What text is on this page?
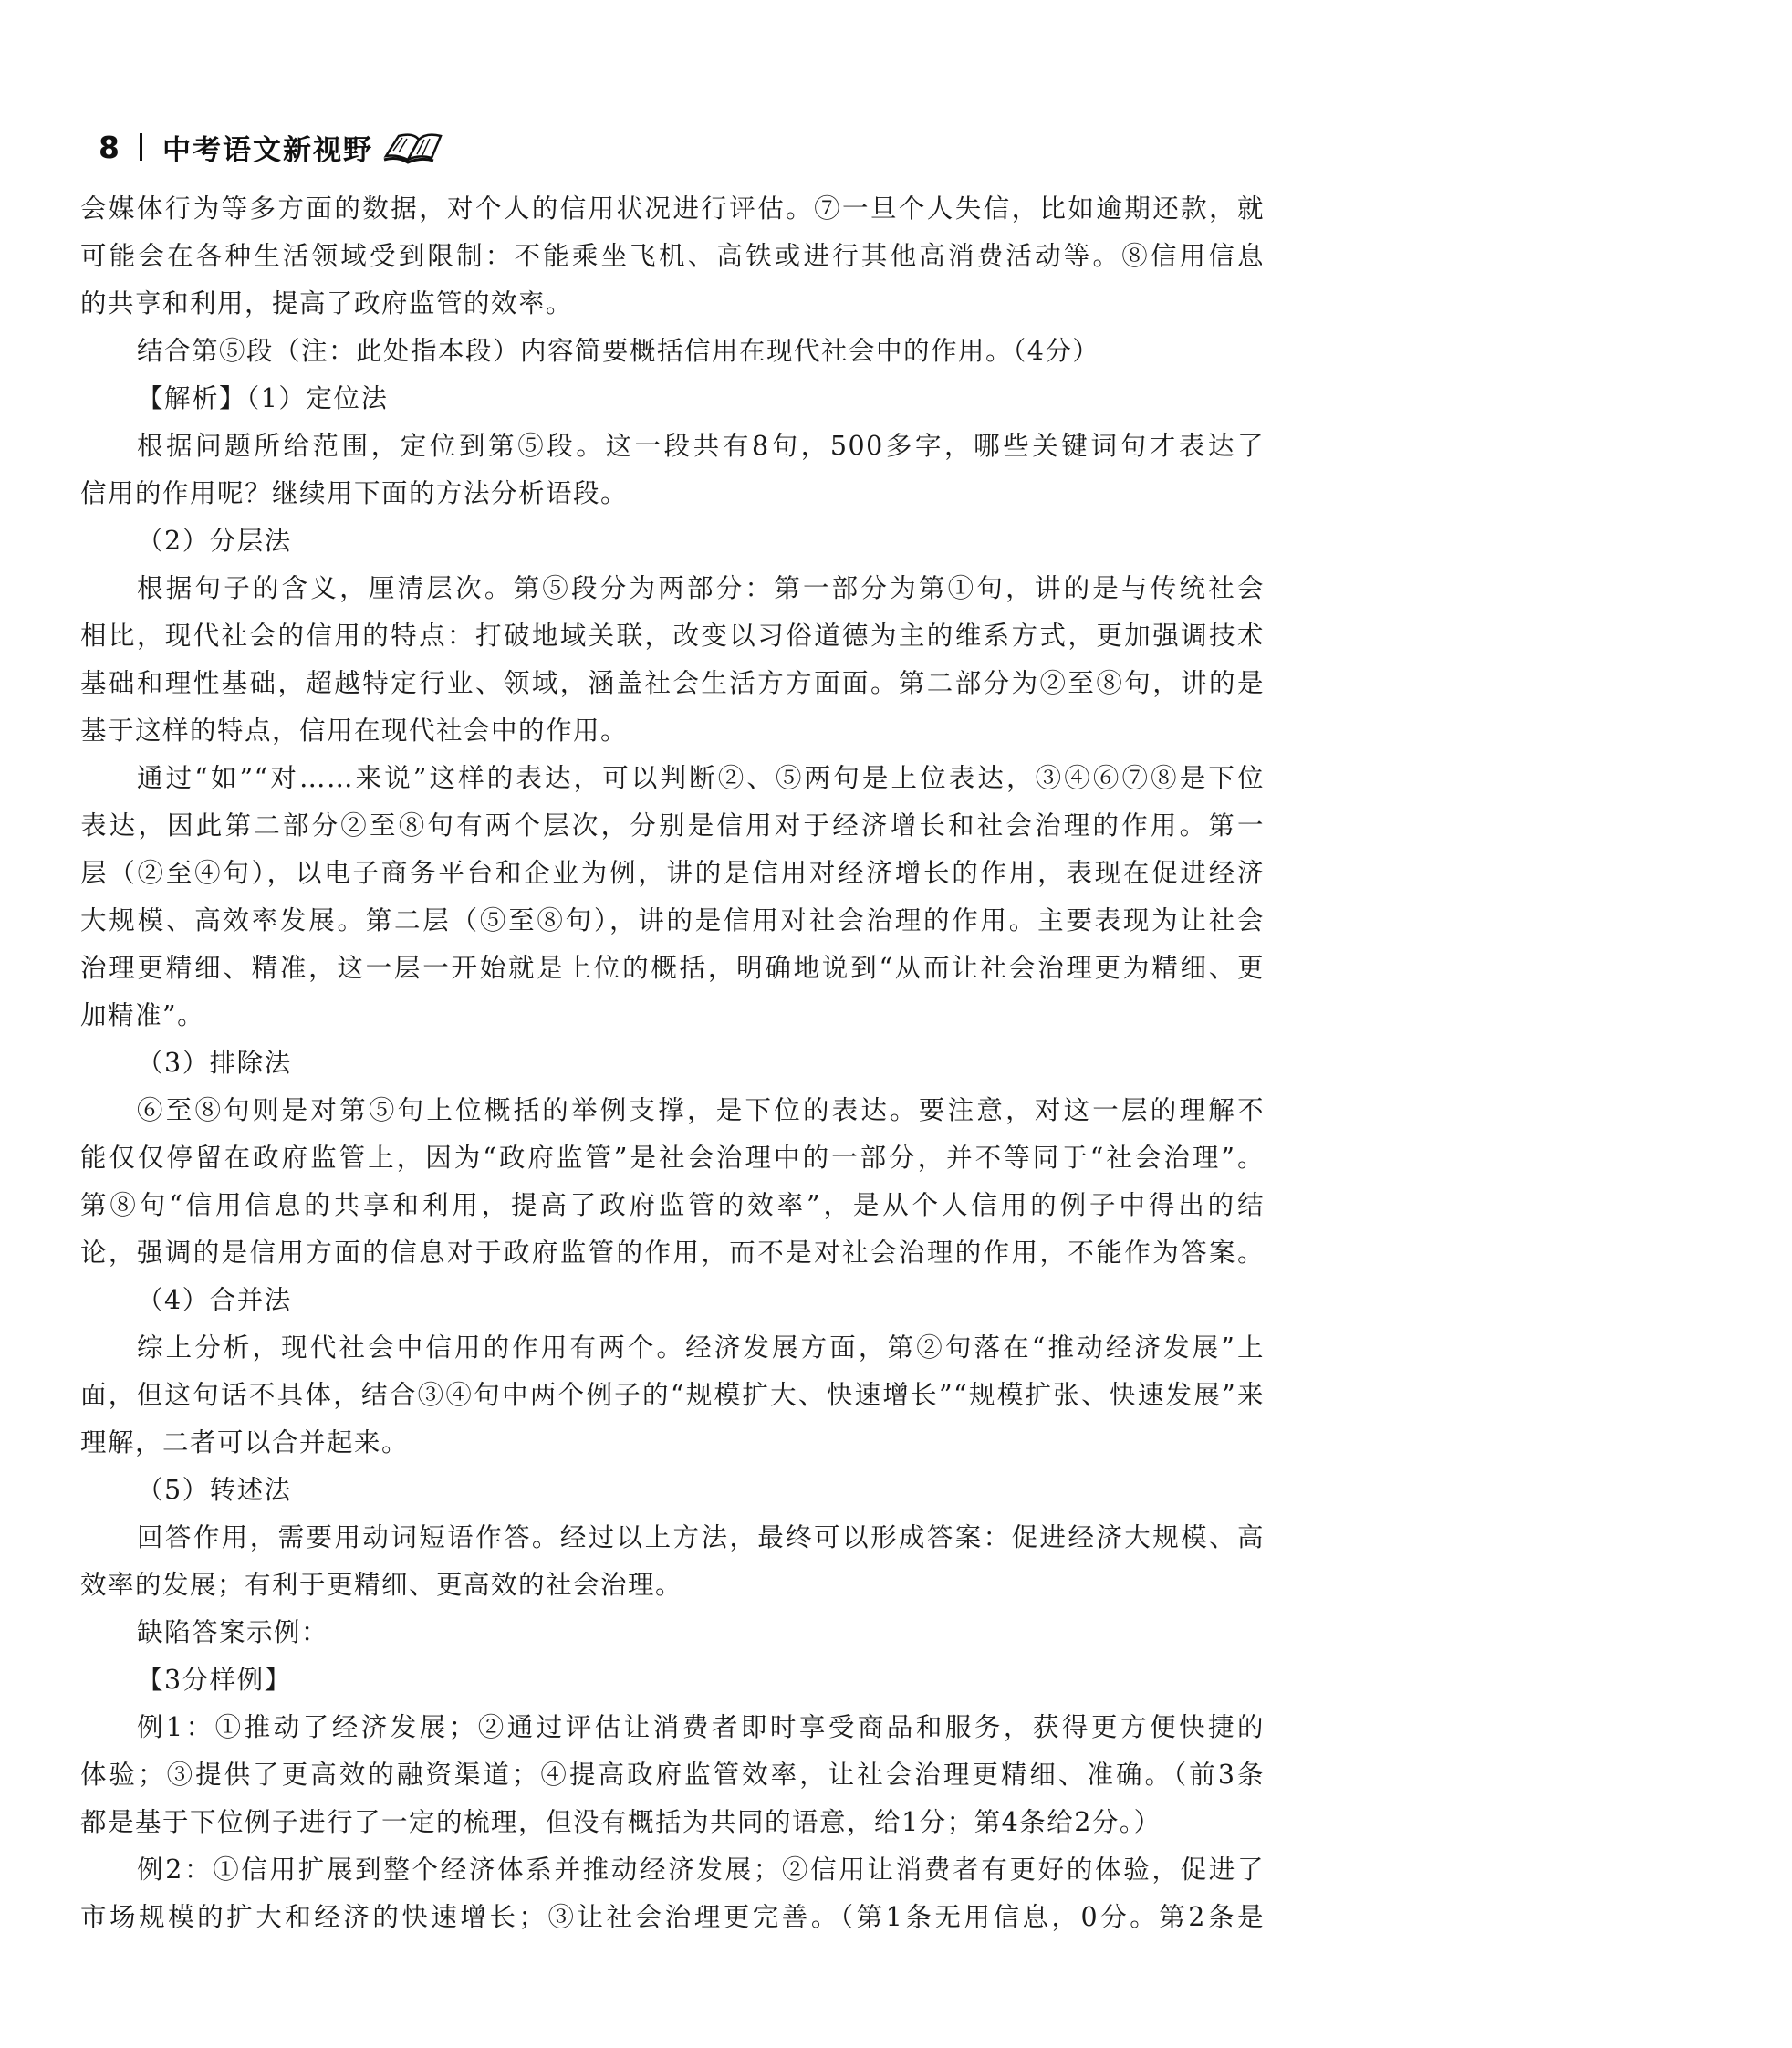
8 中考语文新视野
会媒体行为等多方面的数据，对个人的信用状况进行评估。⑦一旦个人失信，比如逾期还款，就
可能会在各种生活领域受到限制：不能乘坐飞机、高铁或进行其他高消费活动等。⑧信用信息
的共享和利用，提高了政府监管的效率。
结合第⑤段（注：此处指本段）内容简要概括信用在现代社会中的作用。（4分）
【解析】（1）定位法
根据问题所给范围，定位到第⑤段。这一段共有8句，500多字，哪些关键词句才表达了
信用的作用呢？继续用下面的方法分析语段。
（2）分层法
根据句子的含义，厘清层次。第⑤段分为两部分：第一部分为第①句，讲的是与传统社会
相比，现代社会的信用的特点：打破地域关联，改变以习俗道德为主的维系方式，更加强调技术
基础和理性基础，超越特定行业、领域，涵盖社会生活方方面面。第二部分为②至⑧句，讲的是
基于这样的特点，信用在现代社会中的作用。
通过“如”“对……来说”这样的表达，可以判断②、⑤两句是上位表达，③④⑥⑦⑧是下位
表达，因此第二部分②至⑧句有两个层次，分别是信用对于经济增长和社会治理的作用。第一
层（②至④句），以电子商务平台和企业为例，讲的是信用对经济增长的作用，表现在促进经济
大规模、高效率发展。第二层（⑤至⑧句），讲的是信用对社会治理的作用。主要表现为让社会
治理更精细、精准，这一层一开始就是上位的概括，明确地说到“从而让社会治理更为精细、更
加精准”。
（3）排除法
⑥至⑧句则是对第⑤句上位概括的举例支撑，是下位的表达。要注意，对这一层的理解不
能仅仅停留在政府监管上，因为“政府监管”是社会治理中的一部分，并不等同于“社会治理”。
第⑧句“信用信息的共享和利用，提高了政府监管的效率”，是从个人信用的例子中得出的结
论，强调的是信用方面的信息对于政府监管的作用，而不是对社会治理的作用，不能作为答案。
（4）合并法
综上分析，现代社会中信用的作用有两个。经济发展方面，第②句落在“推动经济发展”上
面，但这句话不具体，结合③④句中两个例子的“规模扩大、快速增长”“规模扩张、快速发展”来
理解，二者可以合并起来。
（5）转述法
回答作用，需要用动词短语作答。经过以上方法，最终可以形成答案：促进经济大规模、高
效率的发展；有利于更精细、更高效的社会治理。
缺陷答案示例：
【3分样例】
例1：①推动了经济发展；②通过评估让消费者即时享受商品和服务，获得更方便快捷的
体验；③提供了更高效的融资渠道；④提高政府监管效率，让社会治理更精细、准确。（前3条
都是基于下位例子进行了一定的梳理，但没有概括为共同的语意，给1分；第4条给2分。）
例2：①信用扩展到整个经济体系并推动经济发展；②信用让消费者有更好的体验，促进了
市场规模的扩大和经济的快速增长；③让社会治理更完善。（第1条无用信息，0分。第2条是
